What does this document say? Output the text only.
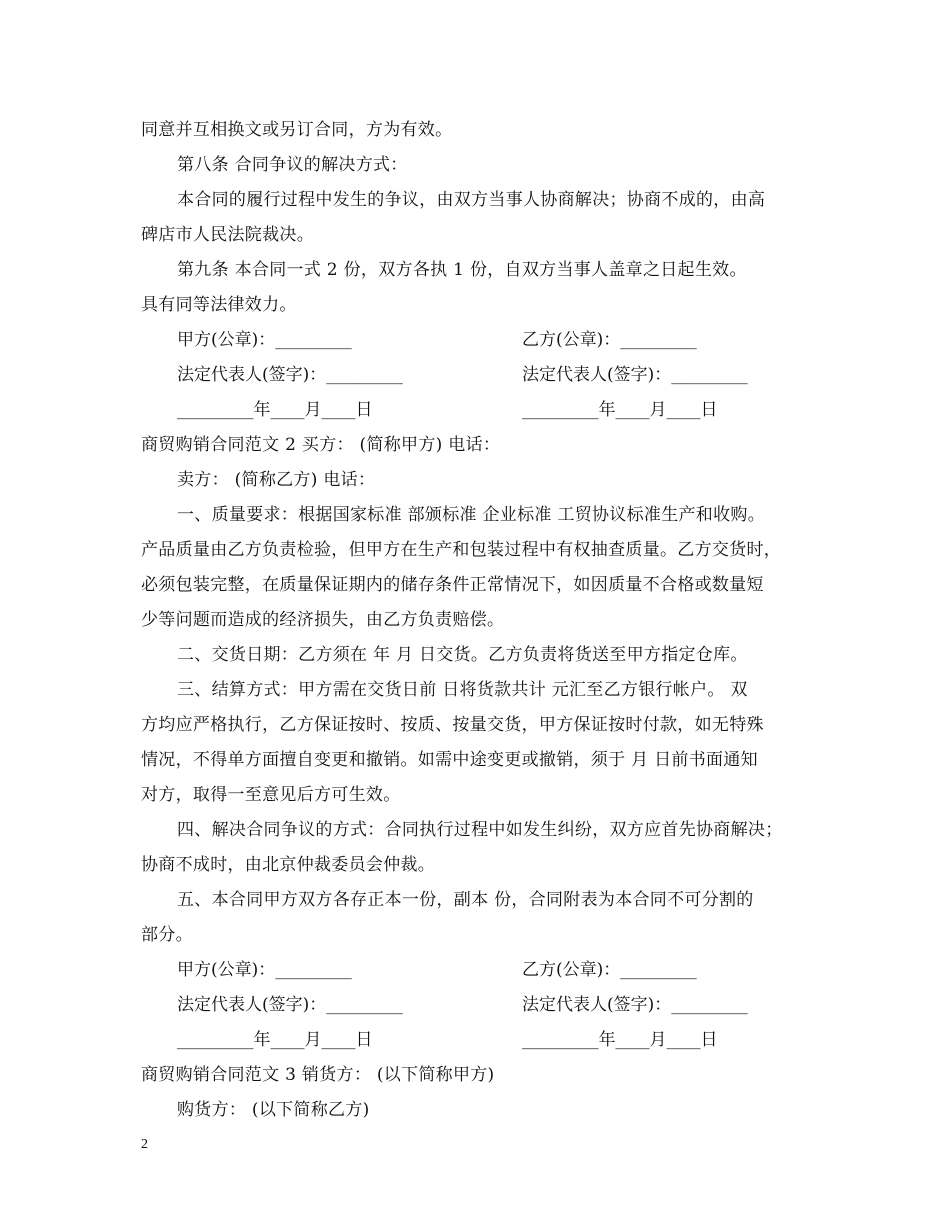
同意并互相换文或另订合同，方为有效。
第八条 合同争议的解决方式：
本合同的履行过程中发生的争议，由双方当事人协商解决；协商不成的，由高
碑店市人民法院裁决。
第九条 本合同一式 2 份，双方各执 1 份，自双方当事人盖章之日起生效。
具有同等法律效力。
甲方(公章)：_________	乙方(公章)：_________
法定代表人(签字)：_________	法定代表人(签字)：_________
_________年____月____日	_________年____月____日
商贸购销合同范文 2 买方： (简称甲方) 电话：
卖方： (简称乙方) 电话：
一、质量要求：根据国家标准 部颁标准 企业标准 工贸协议标准生产和收购。
产品质量由乙方负责检验，但甲方在生产和包装过程中有权抽查质量。乙方交货时，
必须包装完整，在质量保证期内的储存条件正常情况下，如因质量不合格或数量短
少等问题而造成的经济损失，由乙方负责赔偿。
二、交货日期：乙方须在 年 月 日交货。乙方负责将货送至甲方指定仓库。
三、结算方式：甲方需在交货日前 日将货款共计 元汇至乙方银行帐户。 双
方均应严格执行，乙方保证按时、按质、按量交货，甲方保证按时付款，如无特殊
情况，不得单方面擅自变更和撤销。如需中途变更或撤销，须于 月 日前书面通知
对方，取得一至意见后方可生效。
四、解决合同争议的方式：合同执行过程中如发生纠纷，双方应首先协商解决；
协商不成时，由北京仲裁委员会仲裁。
五、本合同甲方双方各存正本一份，副本 份，合同附表为本合同不可分割的
部分。
甲方(公章)：_________	乙方(公章)：_________
法定代表人(签字)：_________	法定代表人(签字)：_________
_________年____月____日	_________年____月____日
商贸购销合同范文 3 销货方： (以下简称甲方)
购货方： (以下简称乙方)
2
